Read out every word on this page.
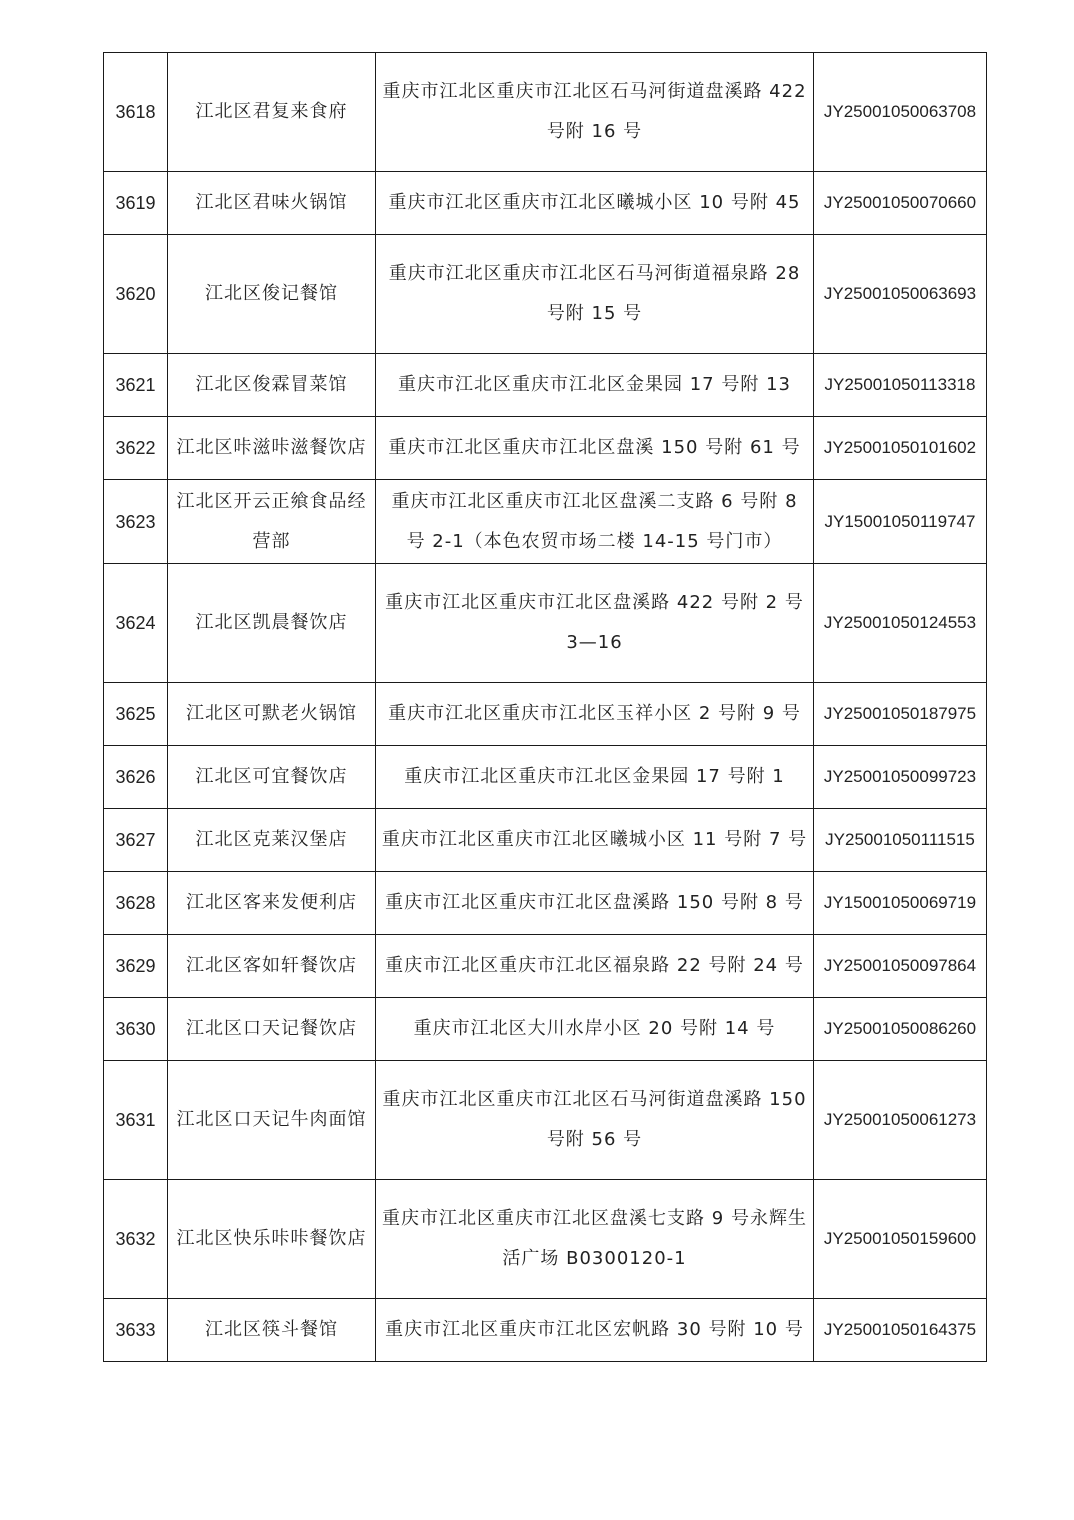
3618	江北区君复来食府	重庆市江北区重庆市江北区石马河街道盘溪路 422 号附 16 号	JY25001050063708
3619	江北区君味火锅馆	重庆市江北区重庆市江北区曦城小区 10 号附 45	JY25001050070660
3620	江北区俊记餐馆	重庆市江北区重庆市江北区石马河街道福泉路 28 号附 15 号	JY25001050063693
3621	江北区俊霖冒菜馆	重庆市江北区重庆市江北区金果园 17 号附 13	JY25001050113318
3622	江北区咔滋咔滋餐饮店	重庆市江北区重庆市江北区盘溪 150 号附 61 号	JY25001050101602
3623	江北区开云正飨食品经营部	重庆市江北区重庆市江北区盘溪二支路 6 号附 8 号 2-1（本色农贸市场二楼 14-15 号门市）	JY15001050119747
3624	江北区凯晨餐饮店	重庆市江北区重庆市江北区盘溪路 422 号附 2 号 3—16	JY25001050124553
3625	江北区可默老火锅馆	重庆市江北区重庆市江北区玉祥小区 2 号附 9 号	JY25001050187975
3626	江北区可宜餐饮店	重庆市江北区重庆市江北区金果园 17 号附 1	JY25001050099723
3627	江北区克莱汉堡店	重庆市江北区重庆市江北区曦城小区 11 号附 7 号	JY25001050111515
3628	江北区客来发便利店	重庆市江北区重庆市江北区盘溪路 150 号附 8 号	JY15001050069719
3629	江北区客如轩餐饮店	重庆市江北区重庆市江北区福泉路 22 号附 24 号	JY25001050097864
3630	江北区口天记餐饮店	重庆市江北区大川水岸小区 20 号附 14 号	JY25001050086260
3631	江北区口天记牛肉面馆	重庆市江北区重庆市江北区石马河街道盘溪路 150 号附 56 号	JY25001050061273
3632	江北区快乐咔咔餐饮店	重庆市江北区重庆市江北区盘溪七支路 9 号永辉生活广场 B0300120-1	JY25001050159600
3633	江北区筷斗餐馆	重庆市江北区重庆市江北区宏帆路 30 号附 10 号	JY25001050164375
